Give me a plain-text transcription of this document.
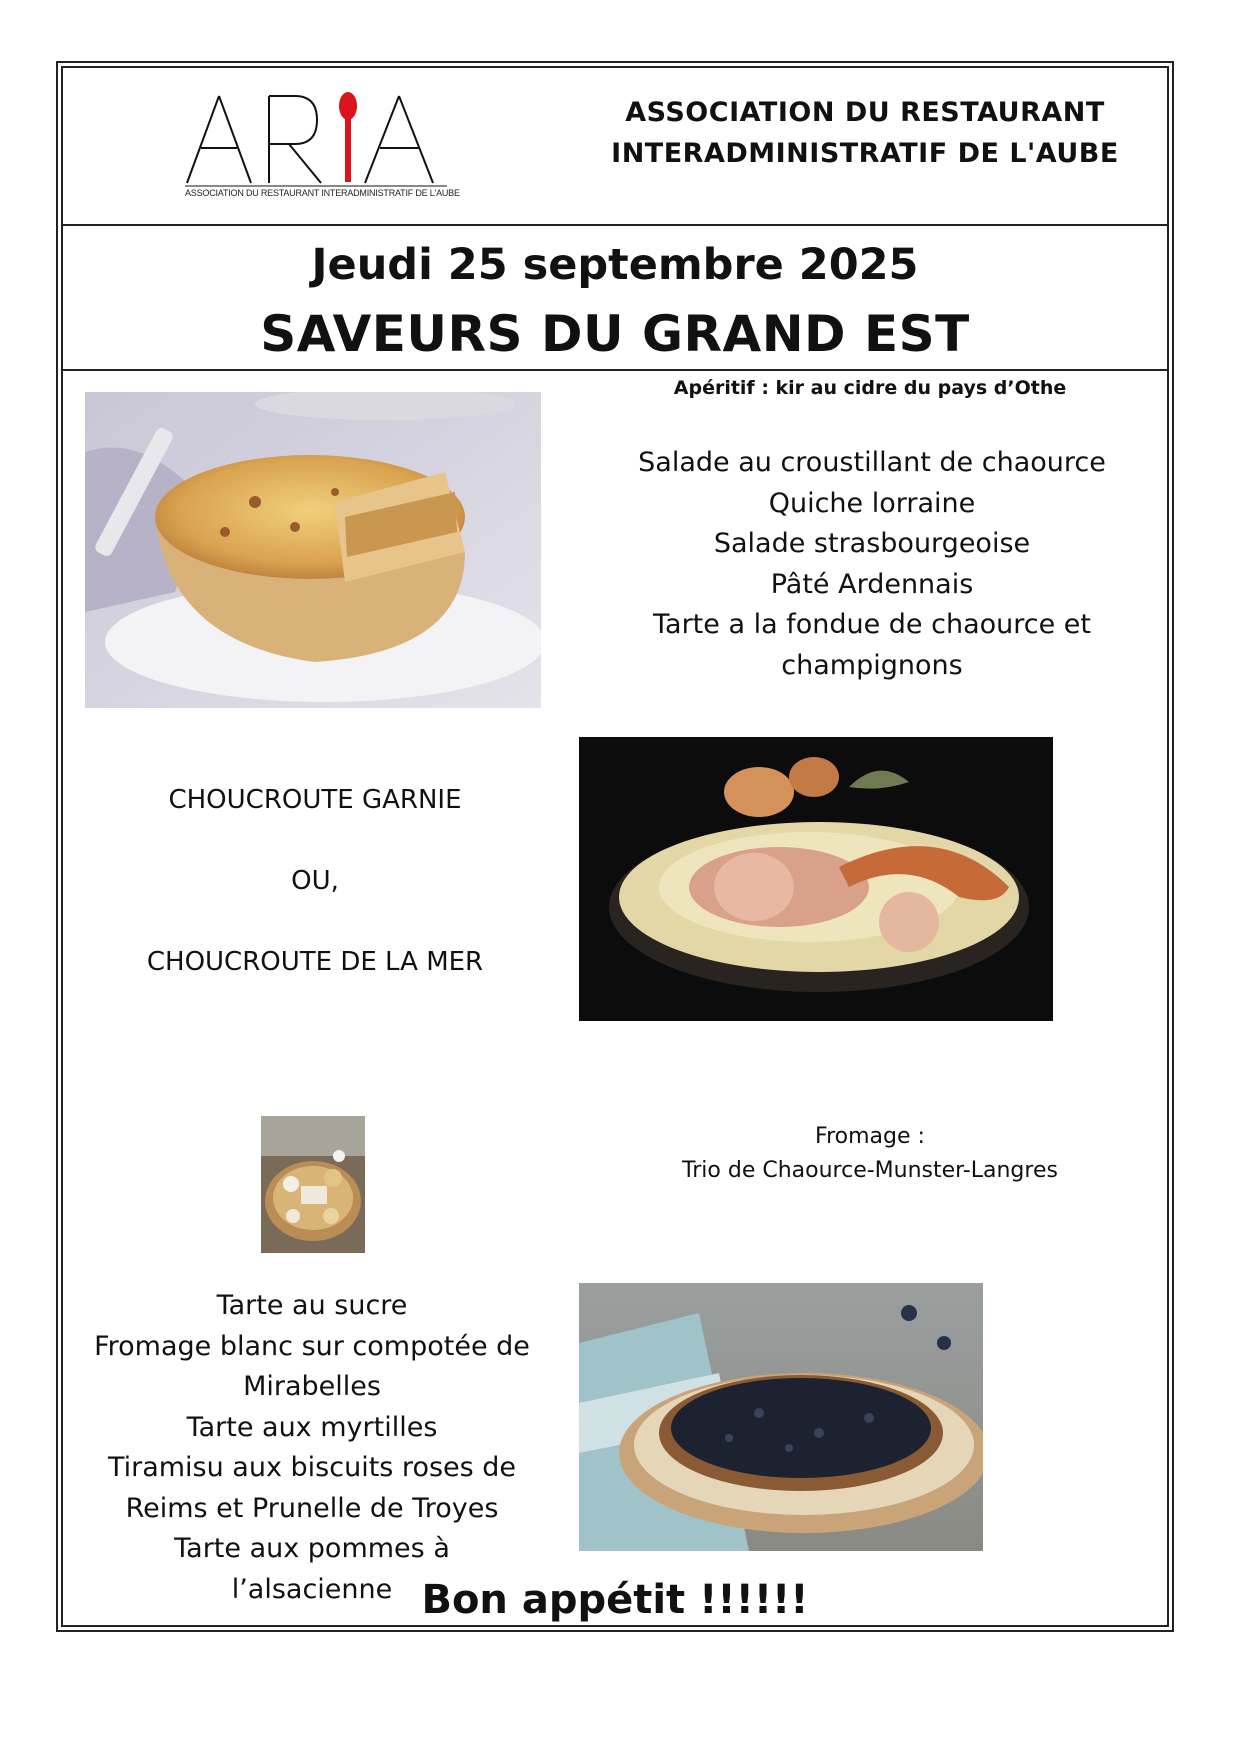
ASSOCIATION DU RESTAURANT INTERADMINISTRATIF DE L'AUBE
ASSOCIATION DU RESTAURANT
INTERADMINISTRATIF DE L'AUBE
Jeudi 25 septembre 2025
SAVEURS DU GRAND EST
Apéritif : kir au cidre du pays d’Othe
Salade au croustillant de chaource
Quiche lorraine
Salade strasbourgeoise
Pâté Ardennais
Tarte a la fondue de chaource et
champignons
CHOUCROUTE GARNIE
OU,
CHOUCROUTE DE LA MER
Fromage :
Trio de Chaource-Munster-Langres
Tarte au sucre
Fromage blanc sur compotée de
Mirabelles
Tarte aux myrtilles
Tiramisu aux biscuits roses de
Reims et Prunelle de Troyes
Tarte aux pommes à l’alsacienne Bon appétit !!!!!!
